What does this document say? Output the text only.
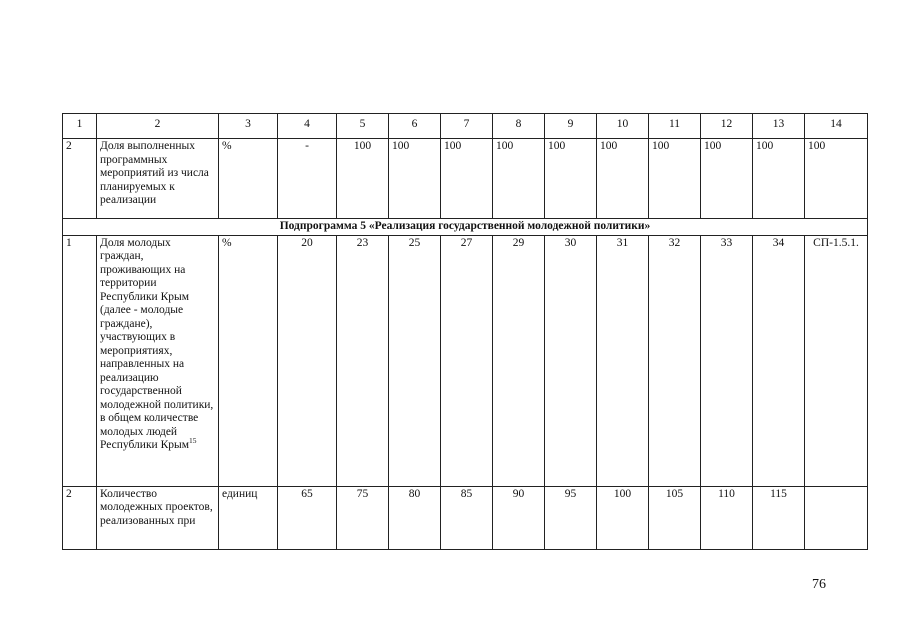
1	2	3	4	5	6	7	8	9	10	11	12	13	14
2	Доля выполненных программных мероприятий из числа планируемых к реализации	%	-	100	100	100	100	100	100	100	100	100	100
Подпрограмма 5 «Реализация государственной молодежной политики»													
1	Доля молодых граждан, проживающих на территории Республики Крым (далее - молодые граждане), участвующих в мероприятиях, направленных на реализацию государственной молодежной политики, в общем количестве молодых людей Республики Крым$^{15}$	%	20	23	25	27	29	30	31	32	33	34	СП-1.5.1.
2	Количество молодежных проектов, реализованных при	единиц	65	75	80	85	90	95	100	105	110	115	
76
